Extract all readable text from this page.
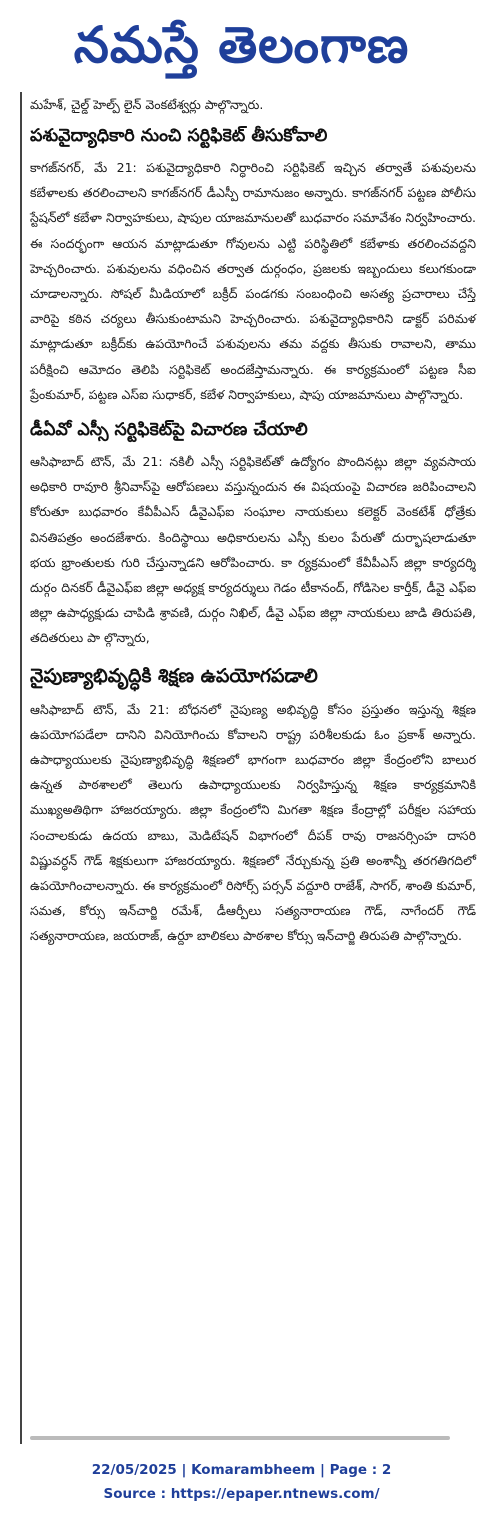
నమస్తే తెలంగాణ

మహేశ్, చైల్డ్ హెల్ప్ లైన్ వెంకటేశ్వర్లు పాల్గొన్నారు.

పశువైద్యాధికారి నుంచి సర్టిఫికెట్ తీసుకోవాలి

కాగజ్‌నగర్, మే 21: పశువైద్యాధికారి నిర్ధారించి సర్టిఫికెట్ ఇచ్చిన తర్వాతే పశువులను కబేళాలకు తరలించాలని కాగజ్‌నగర్ డీఎస్పీ రామానుజం అన్నారు. కాగజ్‌నగర్ పట్టణ పోలీసు స్టేషన్‌లో కబేళా నిర్వాహకులు, షాపుల యాజమానులతో బుధవారం సమావేశం నిర్వహించారు. ఈ సందర్భంగా ఆయన మాట్లాడుతూ గోవులను ఎట్టి పరిస్థితిలో కబేళాకు తరలించవద్దని హెచ్చరించారు. పశువులను వధించిన తర్వాత దుర్గంధం, ప్రజలకు ఇబ్బందులు కలుగకుండా చూడాలన్నారు. సోషల్ మీడియాలో బక్రీద్ పండగకు సంబంధించి అసత్య ప్రచారాలు చేస్తే వారిపై కఠిన చర్యలు తీసుకుంటామని హెచ్చరించారు. పశువైద్యాధికారిని డాక్టర్ పరిమళ మాట్లాడుతూ బక్రీద్‌కు ఉపయోగించే పశువులను తమ వద్దకు తీసుకు రావాలని, తాము పరీక్షించి ఆమోదం తెలిపి సర్టిఫికెట్ అందజేస్తామన్నారు. ఈ కార్యక్రమంలో పట్టణ సీఐ ప్రేంకుమార్, పట్టణ ఎస్ఐ సుధాకర్, కబేళ నిర్వాహకులు, షాపు యాజమానులు పాల్గొన్నారు.

డీఏవో ఎస్సీ సర్టిఫికెట్‌పై విచారణ చేయాలి

ఆసిఫాబాద్ టౌన్, మే 21: నకిలీ ఎస్సీ సర్టిఫికెట్‌తో ఉద్యోగం పొందినట్లు జిల్లా వ్యవసాయ అధికారి రావూరి శ్రీనివాస్‌పై ఆరోపణలు వస్తున్నందున ఈ విషయంపై విచారణ జరిపించాలని కోరుతూ బుధవారం కేవీపీఎస్ డీవైఎఫ్ఐ సంఘాల నాయకులు కలెక్టర్ వెంకటేశ్ ధోత్రేకు వినతిపత్రం అందజేశారు. కిందిస్థాయి అధికారులను ఎస్సీ కులం పేరుతో దుర్భాషలాడుతూ భయ భ్రాంతులకు గురి చేస్తున్నాడని ఆరోపించారు. కా ర్యక్రమంలో కేవీపీఎస్ జిల్లా కార్యదర్శి దుర్గం దినకర్ డీవైఎఫ్ఐ జిల్లా అధ్యక్ష కార్యదర్శులు గెడం టీకానంద్, గోడిసెల కార్తీక్, డీవై ఎఫ్ఐ జిల్లా ఉపాధ్యక్షుడు చాపిడి శ్రావణి, దుర్గం నిఖిల్, డీవై ఎఫ్ఐ జిల్లా నాయకులు జాడి తిరుపతి, తదితరులు పా ల్గొన్నారు,

నైపుణ్యాభివృద్ధికి శిక్షణ ఉపయోగపడాలి

ఆసిఫాబాద్ టౌన్, మే 21: బోధనలో నైపుణ్య అభివృద్ధి కోసం ప్రస్తుతం ఇస్తున్న శిక్షణ ఉపయోగపడేలా దానిని వినియోగించు కోవాలని రాష్ట్ర పరిశీలకుడు ఓం ప్రకాశ్ అన్నారు. ఉపాధ్యాయులకు నైపుణ్యాభివృద్ధి శిక్షణలో భాగంగా బుధవారం జిల్లా కేంద్రంలోని బాలుర ఉన్నత పాఠశాలలో తెలుగు ఉపాధ్యాయులకు నిర్వహిస్తున్న శిక్షణ కార్యక్రమానికి ముఖ్యఅతిథిగా హాజరయ్యారు. జిల్లా కేంద్రంలోని మిగతా శిక్షణ కేంద్రాల్లో పరీక్షల సహాయ సంచాలకుడు ఉదయ బాబు, మెడిటేషన్ విభాగంలో దీపక్ రావు రాజనర్సింహ దాసరి విష్ణువర్ధన్ గౌడ్ శిక్షకులుగా హాజరయ్యారు. శిక్షణలో నేర్చుకున్న ప్రతి అంశాన్నీ తరగతిగదిలో ఉపయోగించాలన్నారు. ఈ కార్యక్రమంలో రిసోర్స్ పర్సన్ వద్దూరి రాజేశ్, సాగర్, శాంతి కుమార్, సమత, కోర్సు ఇన్‌చార్జి రమేశ్, డీఆర్పీలు సత్యనారాయణ గౌడ్, నాగేందర్ గౌడ్ సత్యనారాయణ, జయరాజ్, ఉర్దూ బాలికలు పాఠశాల కోర్సు ఇన్‌చార్జి తిరుపతి పాల్గొన్నారు.

22/05/2025 | Komarambheem | Page : 2
Source : https://epaper.ntnews.com/
